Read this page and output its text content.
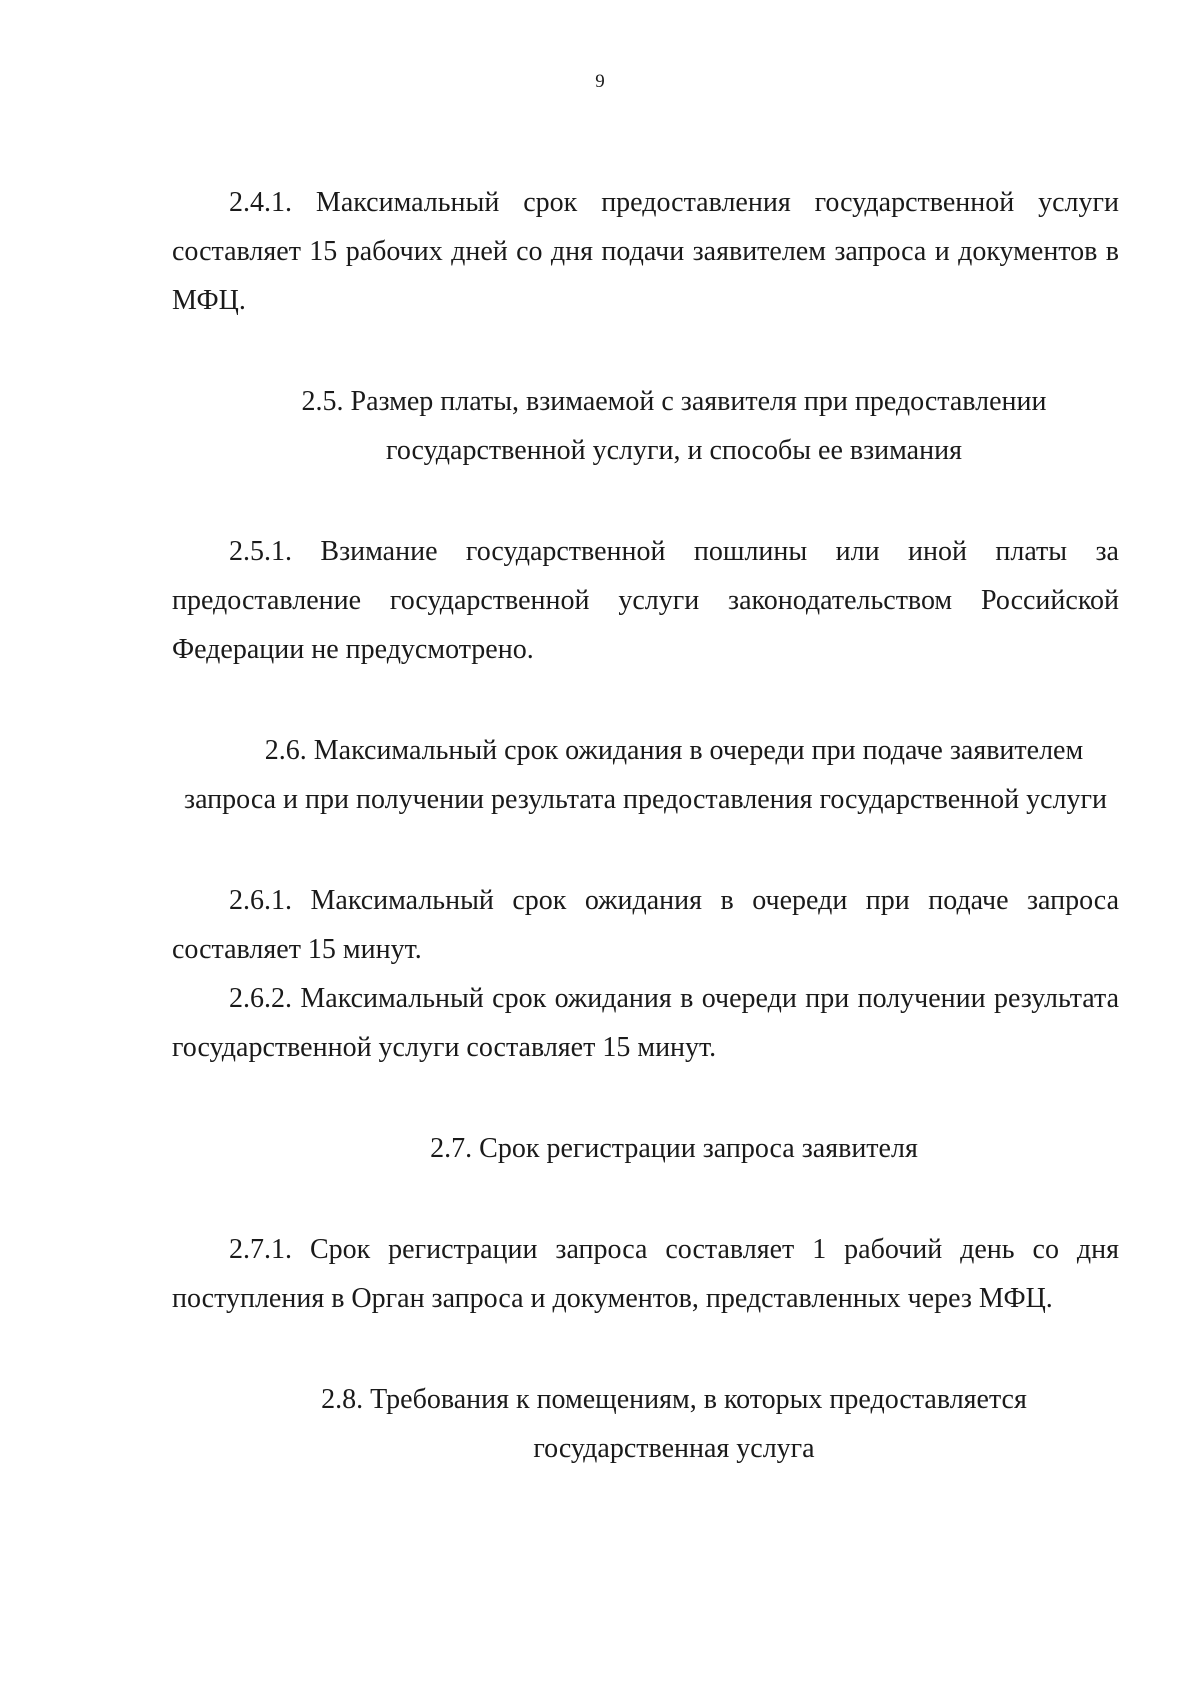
9

2.4.1. Максимальный срок предоставления государственной услуги составляет 15 рабочих дней со дня подачи заявителем запроса и документов в МФЦ.

2.5. Размер платы, взимаемой с заявителя при предоставлении
государственной услуги, и способы ее взимания

2.5.1. Взимание государственной пошлины или иной платы за предоставление государственной услуги законодательством Российской Федерации не предусмотрено.

2.6. Максимальный срок ожидания в очереди при подаче заявителем
запроса и при получении результата предоставления государственной услуги

2.6.1. Максимальный срок ожидания в очереди при подаче запроса составляет 15 минут.

2.6.2. Максимальный срок ожидания в очереди при получении результата государственной услуги составляет 15 минут.

2.7. Срок регистрации запроса заявителя

2.7.1. Срок регистрации запроса составляет 1 рабочий день со дня поступления в Орган запроса и документов, представленных через МФЦ.

2.8. Требования к помещениям, в которых предоставляется
государственная услуга
